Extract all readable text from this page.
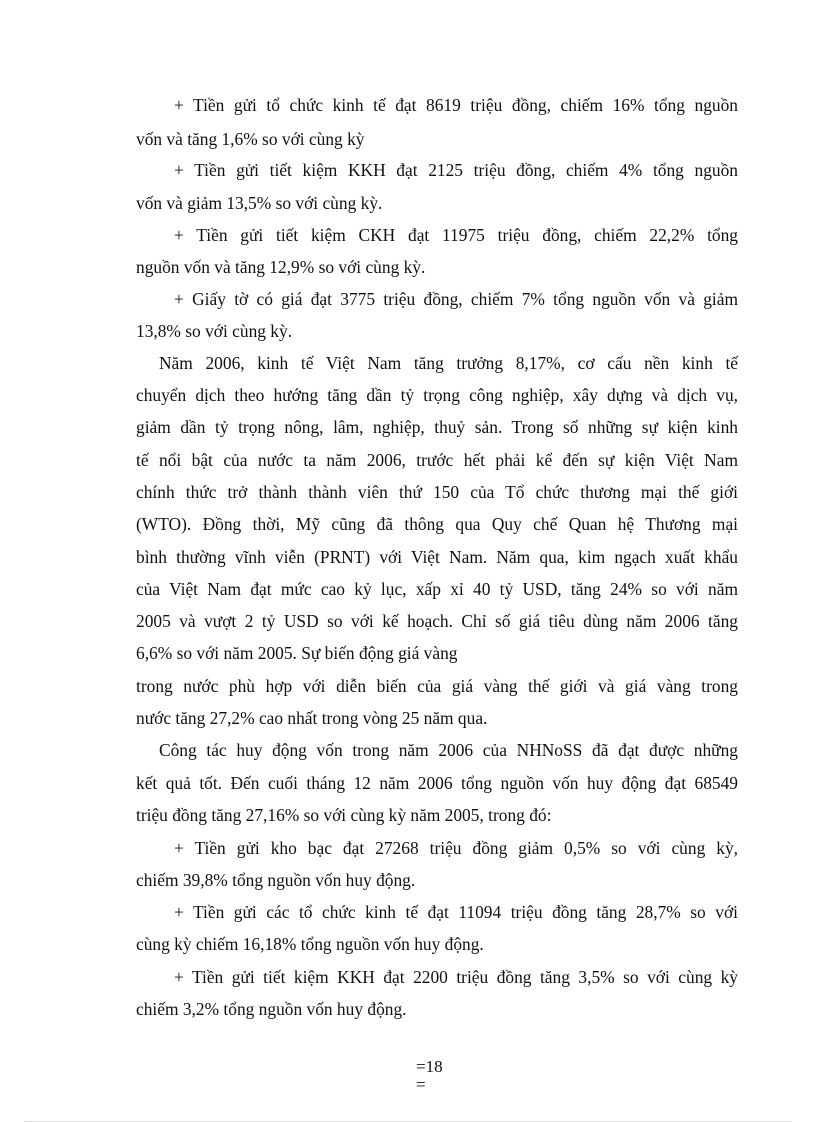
+ Tiền gửi tổ chức kinh tế đạt 8619 triệu đồng, chiếm 16% tổng nguồn

vốn và tăng 1,6% so với cùng kỳ

+ Tiền gửi tiết kiệm KKH đạt 2125 triệu đồng, chiếm 4% tổng nguồn

vốn và giảm 13,5% so với cùng kỳ.

+ Tiền gửi tiết kiệm CKH đạt 11975 triệu đồng, chiếm 22,2% tổng

nguồn vốn và tăng 12,9% so với cùng kỳ.

+ Giấy tờ có giá đạt 3775 triệu đồng, chiếm 7% tổng nguồn vốn và giảm

13,8% so với cùng kỳ.

Năm 2006, kinh tế Việt Nam tăng trưởng 8,17%, cơ cấu nền kinh tế

chuyển dịch theo hướng tăng dần tỷ trọng công nghiệp, xây dựng và dịch vụ,

giảm dần tỷ trọng nông, lâm, nghiệp, thuỷ sản. Trong số những sự kiện kinh

tế nổi bật của nước ta năm 2006, trước hết phải kể đến sự kiện Việt Nam

chính thức trở thành thành viên thứ 150 của Tổ chức thương mại thế giới

(WTO). Đồng thời, Mỹ cũng đã thông qua Quy chế Quan hệ Thương mại

bình thường vĩnh viễn (PRNT) với Việt Nam. Năm qua, kim ngạch xuất khẩu

của Việt Nam đạt mức cao kỷ lục, xấp xỉ 40 tỷ USD, tăng 24% so với năm

2005 và vượt 2 tỷ USD so với kế hoạch. Chỉ số giá tiêu dùng năm 2006 tăng

6,6% so với năm 2005. Sự biến động giá vàng

trong nước phù hợp với diễn biến của giá vàng thế giới và giá vàng trong

nước tăng 27,2% cao nhất trong vòng 25 năm qua.

Công tác huy động vốn trong năm 2006 của NHNoSS đã đạt được những

kết quả tốt. Đến cuối tháng 12 năm 2006 tổng nguồn vốn huy động đạt 68549

triệu đồng tăng 27,16% so với cùng kỳ năm 2005, trong đó:

+ Tiền gửi kho bạc đạt 27268 triệu đồng giảm 0,5% so với cùng kỳ,

chiếm 39,8% tổng nguồn vốn huy động.

+ Tiền gửi các tổ chức kinh tế đạt 11094 triệu đồng tăng 28,7% so với

cùng kỳ chiếm 16,18% tổng nguồn vốn huy động.

+ Tiền gửi tiết kiệm KKH đạt 2200 triệu đồng tăng 3,5% so với cùng kỳ

chiếm 3,2% tổng nguồn vốn huy động.

=18
=
